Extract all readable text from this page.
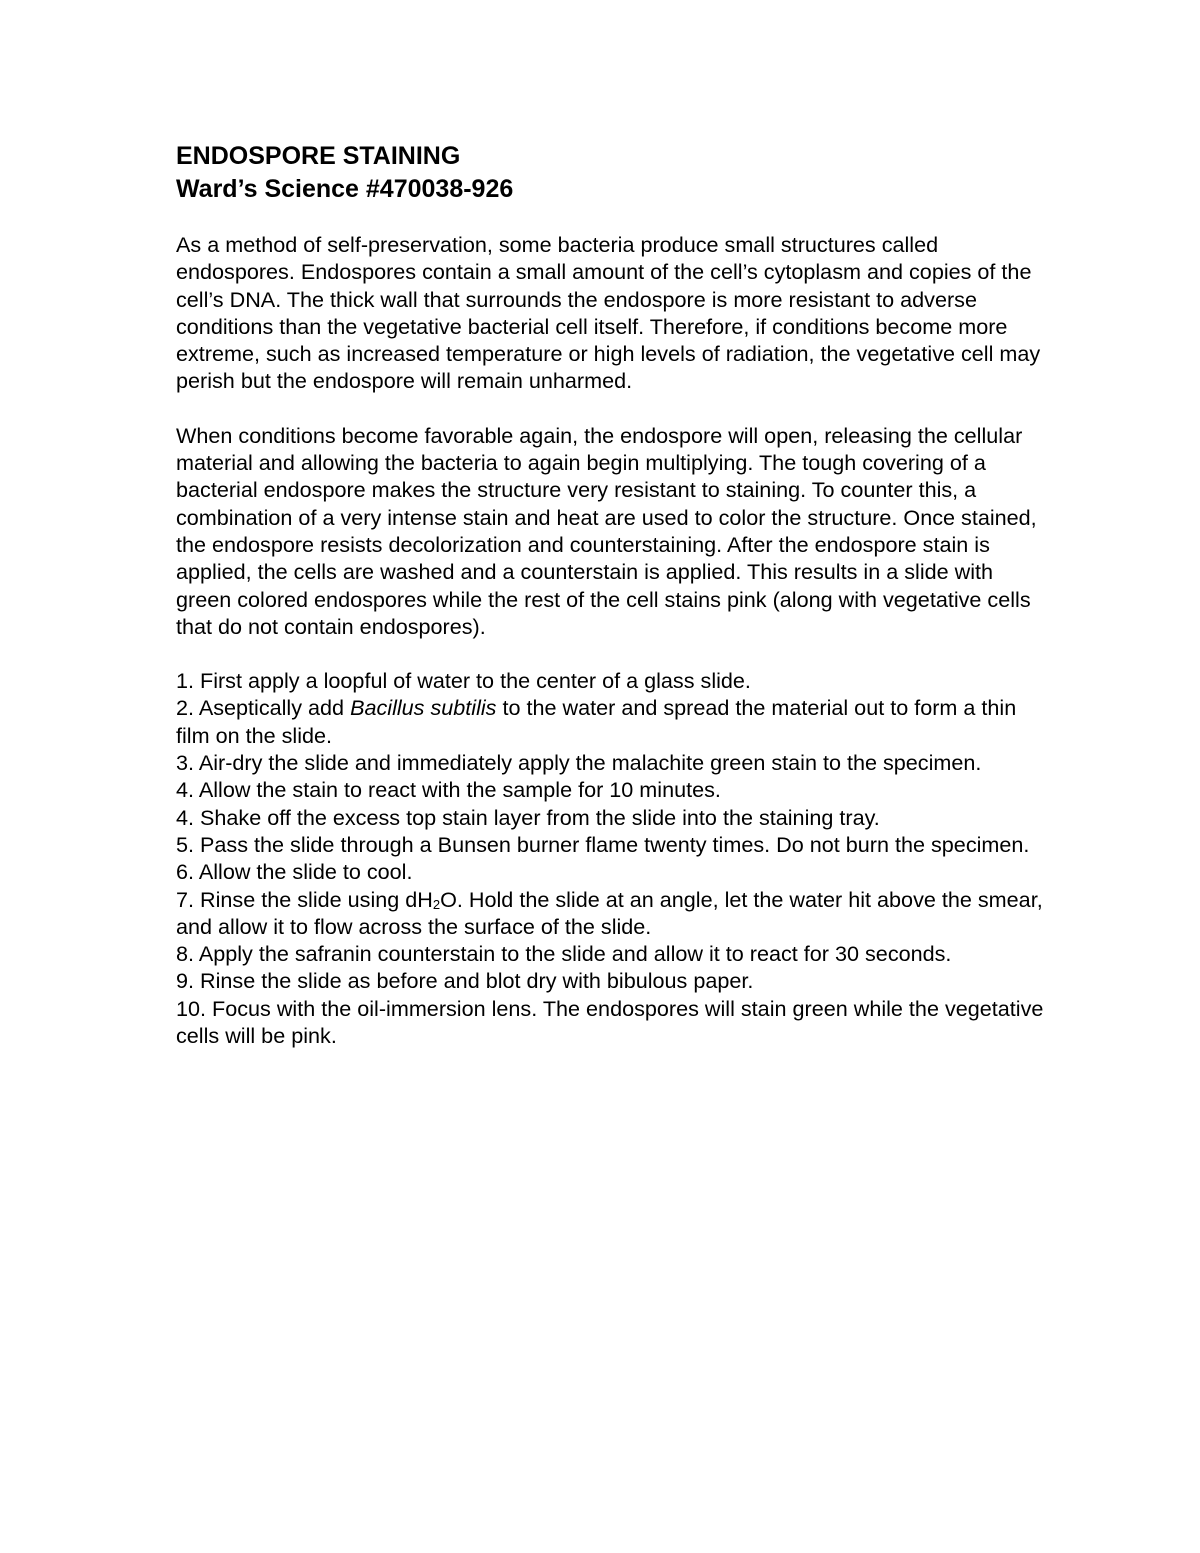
ENDOSPORE STAINING
Ward’s Science #470038-926

As a method of self-preservation, some bacteria produce small structures called endospores. Endospores contain a small amount of the cell’s cytoplasm and copies of the cell’s DNA. The thick wall that surrounds the endospore is more resistant to adverse conditions than the vegetative bacterial cell itself. Therefore, if conditions become more extreme, such as increased temperature or high levels of radiation, the vegetative cell may perish but the endospore will remain unharmed.

When conditions become favorable again, the endospore will open, releasing the cellular material and allowing the bacteria to again begin multiplying. The tough covering of a bacterial endospore makes the structure very resistant to staining. To counter this, a combination of a very intense stain and heat are used to color the structure. Once stained, the endospore resists decolorization and counterstaining. After the endospore stain is applied, the cells are washed and a counterstain is applied. This results in a slide with green colored endospores while the rest of the cell stains pink (along with vegetative cells that do not contain endospores).

1. First apply a loopful of water to the center of a glass slide.
2. Aseptically add Bacillus subtilis to the water and spread the material out to form a thin film on the slide.
3. Air-dry the slide and immediately apply the malachite green stain to the specimen.
4. Allow the stain to react with the sample for 10 minutes.
4. Shake off the excess top stain layer from the slide into the staining tray.
5. Pass the slide through a Bunsen burner flame twenty times. Do not burn the specimen.
6. Allow the slide to cool.
7. Rinse the slide using $dH_2O$. Hold the slide at an angle, let the water hit above the smear, and allow it to flow across the surface of the slide.
8. Apply the safranin counterstain to the slide and allow it to react for 30 seconds.
9. Rinse the slide as before and blot dry with bibulous paper.
10. Focus with the oil-immersion lens. The endospores will stain green while the vegetative cells will be pink.
